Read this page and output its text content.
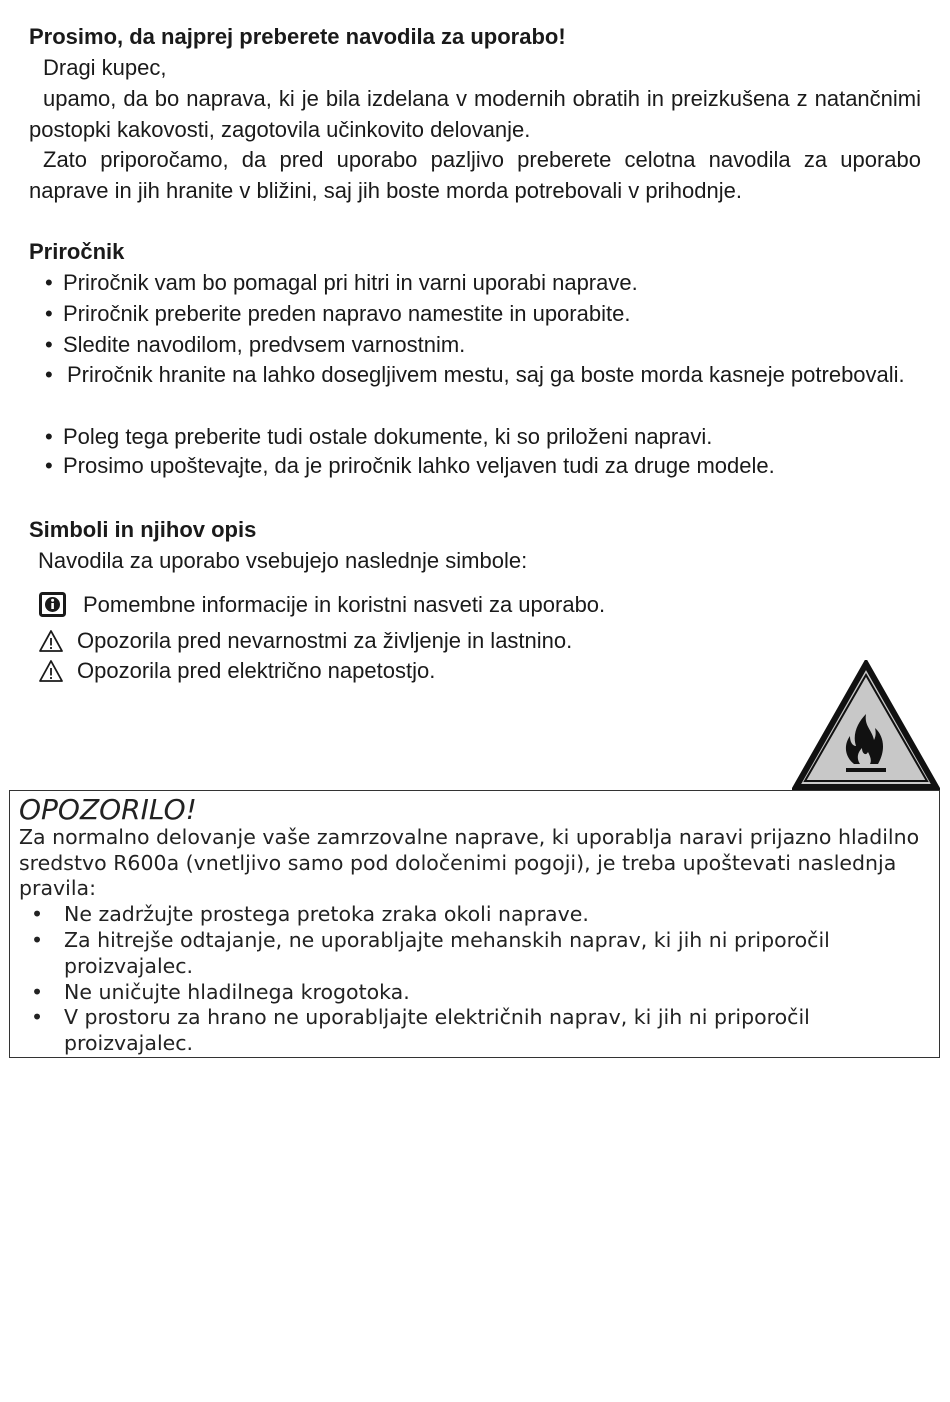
Prosimo, da najprej preberete navodila za uporabo!
Dragi kupec,
upamo, da bo naprava, ki je bila izdelana v modernih obratih in preizkušena z natančnimi postopki kakovosti, zagotovila učinkovito delovanje.
Zato priporočamo, da pred uporabo pazljivo preberete celotna navodila za uporabo naprave in jih hranite v bližini, saj jih boste morda potrebovali v prihodnje.
Priročnik
• Priročnik vam bo pomagal pri hitri in varni uporabi naprave.
• Priročnik preberite preden napravo namestite in uporabite.
• Sledite navodilom, predvsem varnostnim.
• Priročnik hranite na lahko dosegljivem mestu, saj ga boste morda kasneje potrebovali.
• Poleg tega preberite tudi ostale dokumente, ki so priloženi napravi.
• Prosimo upoštevajte, da je priročnik lahko veljaven tudi za druge modele.
Simboli in njihov opis
Navodila za uporabo vsebujejo naslednje simbole:
Pomembne informacije in koristni nasveti za uporabo.
Opozorila pred nevarnostmi za življenje in lastnino.
Opozorila pred električno napetostjo.
OPOZORILO!
Za normalno delovanje vaše zamrzovalne naprave, ki uporablja naravi prijazno hladilno sredstvo R600a (vnetljivo samo pod določenimi pogoji), je treba upoštevati naslednja pravila:
•	Ne zadržujte prostega pretoka zraka okoli naprave.
•	Za hitrejše odtajanje, ne uporabljajte mehanskih naprav, ki jih ni priporočil proizvajalec.
•	Ne uničujte hladilnega krogotoka.
•	V prostoru za hrano ne uporabljajte električnih naprav, ki jih ni priporočil proizvajalec.
